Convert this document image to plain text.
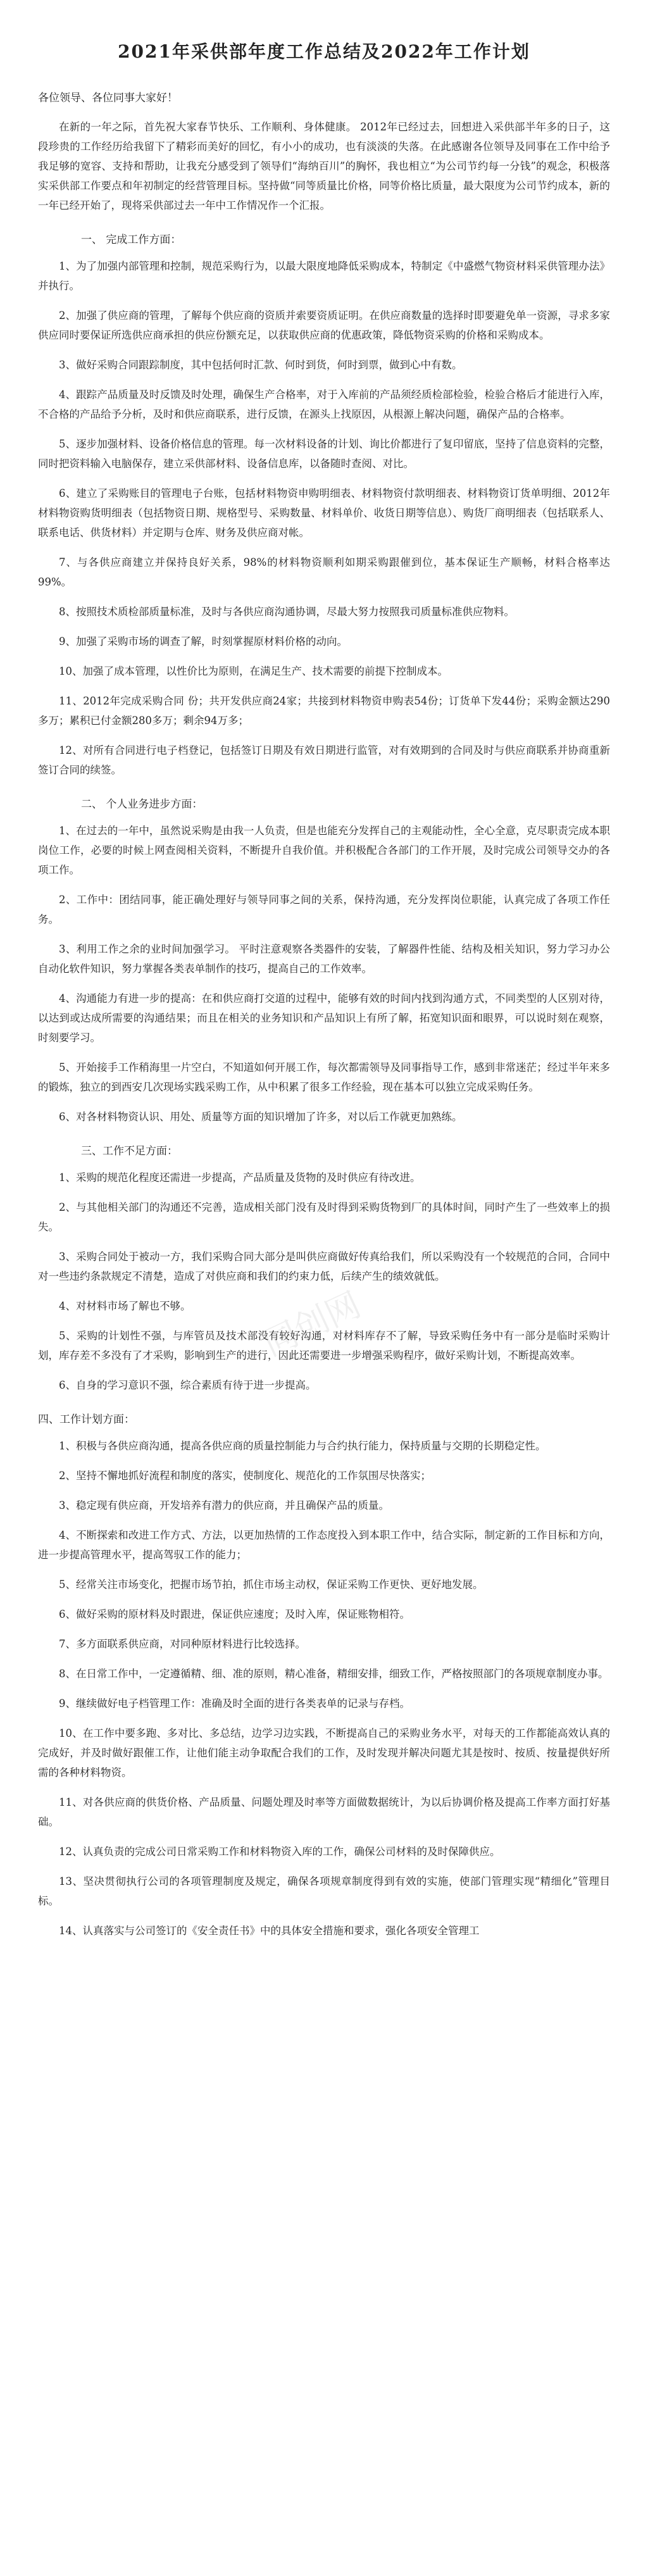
2021年采供部年度工作总结及2022年工作计划
各位领导、各位同事大家好！

在新的一年之际，首先祝大家春节快乐、工作顺利、身体健康。 2012年已经过去，回想进入采供部半年多的日子，这段珍贵的工作经历给我留下了精彩而美好的回忆，有小小的成功，也有淡淡的失落。在此感谢各位领导及同事在工作中给予我足够的宽容、支持和帮助，让我充分感受到了领导们“海纳百川”的胸怀，我也相立“为公司节约每一分钱”的观念，积极落实采供部工作要点和年初制定的经营管理目标。坚持做“同等质量比价格，同等价格比质量，最大限度为公司节约成本，新的一年已经开始了，现将采供部过去一年中工作情况作一个汇报。

一、 完成工作方面：

1、为了加强内部管理和控制，规范采购行为，以最大限度地降低采购成本，特制定《中盛燃气物资材料采供管理办法》并执行。

2、加强了供应商的管理，了解每个供应商的资质并索要资质证明。在供应商数量的选择时即要避免单一资源，寻求多家供应同时要保证所选供应商承担的供应份额充足，以获取供应商的优惠政策，降低物资采购的价格和采购成本。

3、做好采购合同跟踪制度，其中包括何时汇款、何时到货，何时到票，做到心中有数。

4、跟踪产品质量及时反馈及时处理，确保生产合格率，对于入库前的产品须经质检部检验，检验合格后才能进行入库，不合格的产品给予分析，及时和供应商联系，进行反馈，在源头上找原因，从根源上解决问题，确保产品的合格率。

5、逐步加强材料、设备价格信息的管理。每一次材料设备的计划、询比价都进行了复印留底，坚持了信息资料的完整，同时把资料输入电脑保存，建立采供部材料、设备信息库，以备随时查阅、对比。

6、建立了采购账目的管理电子台账，包括材料物资申购明细表、材料物资付款明细表、材料物资订货单明细、2012年材料物资购货明细表（包括物资日期、规格型号、采购数量、材料单价、收货日期等信息）、购货厂商明细表（包括联系人、联系电话、供货材料）并定期与仓库、财务及供应商对帐。

7、与各供应商建立并保持良好关系，98%的材料物资顺利如期采购跟催到位，基本保证生产顺畅，材料合格率达99%。

8、按照技术质检部质量标准，及时与各供应商沟通协调，尽最大努力按照我司质量标准供应物料。

9、加强了采购市场的调查了解，时刻掌握原材料价格的动向。

10、加强了成本管理，以性价比为原则，在满足生产、技术需要的前提下控制成本。

11、2012年完成采购合同 份；共开发供应商24家；共接到材料物资申购表54份；订货单下发44份；采购金额达290多万；累积已付金额280多万；剩余94万多；

12、对所有合同进行电子档登记，包括签订日期及有效日期进行监管，对有效期到的合同及时与供应商联系并协商重新签订合同的续签。

二、 个人业务进步方面：

1、在过去的一年中，虽然说采购是由我一人负责，但是也能充分发挥自己的主观能动性，全心全意，克尽职责完成本职岗位工作，必要的时候上网查阅相关资料，不断提升自我价值。并积极配合各部门的工作开展，及时完成公司领导交办的各项工作。

2、工作中：团结同事，能正确处理好与领导同事之间的关系，保持沟通，充分发挥岗位职能，认真完成了各项工作任务。

3、利用工作之余的业时间加强学习。 平时注意观察各类器件的安装，了解器件性能、结构及相关知识，努力学习办公自动化软件知识，努力掌握各类表单制作的技巧，提高自己的工作效率。

4、沟通能力有进一步的提高：在和供应商打交道的过程中，能够有效的时间内找到沟通方式，不同类型的人区别对待，以达到或达成所需要的沟通结果；而且在相关的业务知识和产品知识上有所了解，拓宽知识面和眼界，可以说时刻在观察，时刻要学习。

5、开始接手工作稍海里一片空白，不知道如何开展工作，每次都需领导及同事指导工作，感到非常迷茫；经过半年来多的锻炼，独立的到西安几次现场实践采购工作，从中积累了很多工作经验，现在基本可以独立完成采购任务。

6、对各材料物资认识、用处、质量等方面的知识增加了许多，对以后工作就更加熟练。

三、工作不足方面：

1、采购的规范化程度还需进一步提高，产品质量及货物的及时供应有待改进。

2、与其他相关部门的沟通还不完善，造成相关部门没有及时得到采购货物到厂的具体时间，同时产生了一些效率上的损失。

3、采购合同处于被动一方，我们采购合同大部分是叫供应商做好传真给我们，所以采购没有一个较规范的合同，合同中对一些违约条款规定不清楚，造成了对供应商和我们的约束力低，后续产生的绩效就低。

4、对材料市场了解也不够。

5、采购的计划性不强，与库管员及技术部没有较好沟通，对材料库存不了解，导致采购任务中有一部分是临时采购计划，库存差不多没有了才采购，影响到生产的进行，因此还需要进一步增强采购程序，做好采购计划，不断提高效率。

6、自身的学习意识不强，综合素质有待于进一步提高。

四、工作计划方面：

1、积极与各供应商沟通，提高各供应商的质量控制能力与合约执行能力，保持质量与交期的长期稳定性。

2、坚持不懈地抓好流程和制度的落实，使制度化、规范化的工作氛围尽快落实；

3、稳定现有供应商，开发培养有潜力的供应商，并且确保产品的质量。

4、不断探索和改进工作方式、方法，以更加热情的工作态度投入到本职工作中，结合实际，制定新的工作目标和方向，进一步提高管理水平，提高驾驭工作的能力；

5、经常关注市场变化，把握市场节拍，抓住市场主动权，保证采购工作更快、更好地发展。

6、做好采购的原材料及时跟进，保证供应速度；及时入库，保证账物相符。

7、多方面联系供应商，对同种原材料进行比较选择。

8、在日常工作中，一定遵循精、细、准的原则，精心准备，精细安排，细致工作，严格按照部门的各项规章制度办事。

9、继续做好电子档管理工作：准确及时全面的进行各类表单的记录与存档。

10、在工作中要多跑、多对比、多总结，边学习边实践，不断提高自己的采购业务水平，对每天的工作都能高效认真的完成好，并及时做好跟催工作，让他们能主动争取配合我们的工作，及时发现并解决问题尤其是按时、按质、按量提供好所需的各种材料物资。

11、对各供应商的供货价格、产品质量、问题处理及时率等方面做数据统计，为以后协调价格及提高工作率方面打好基础。

12、认真负责的完成公司日常采购工作和材料物资入库的工作，确保公司材料的及时保障供应。

13、坚决贯彻执行公司的各项管理制度及规定，确保各项规章制度得到有效的实施，使部门管理实现“精细化”管理目标。

14、认真落实与公司签订的《安全责任书》中的具体安全措施和要求，强化各项安全管理工

同创网
